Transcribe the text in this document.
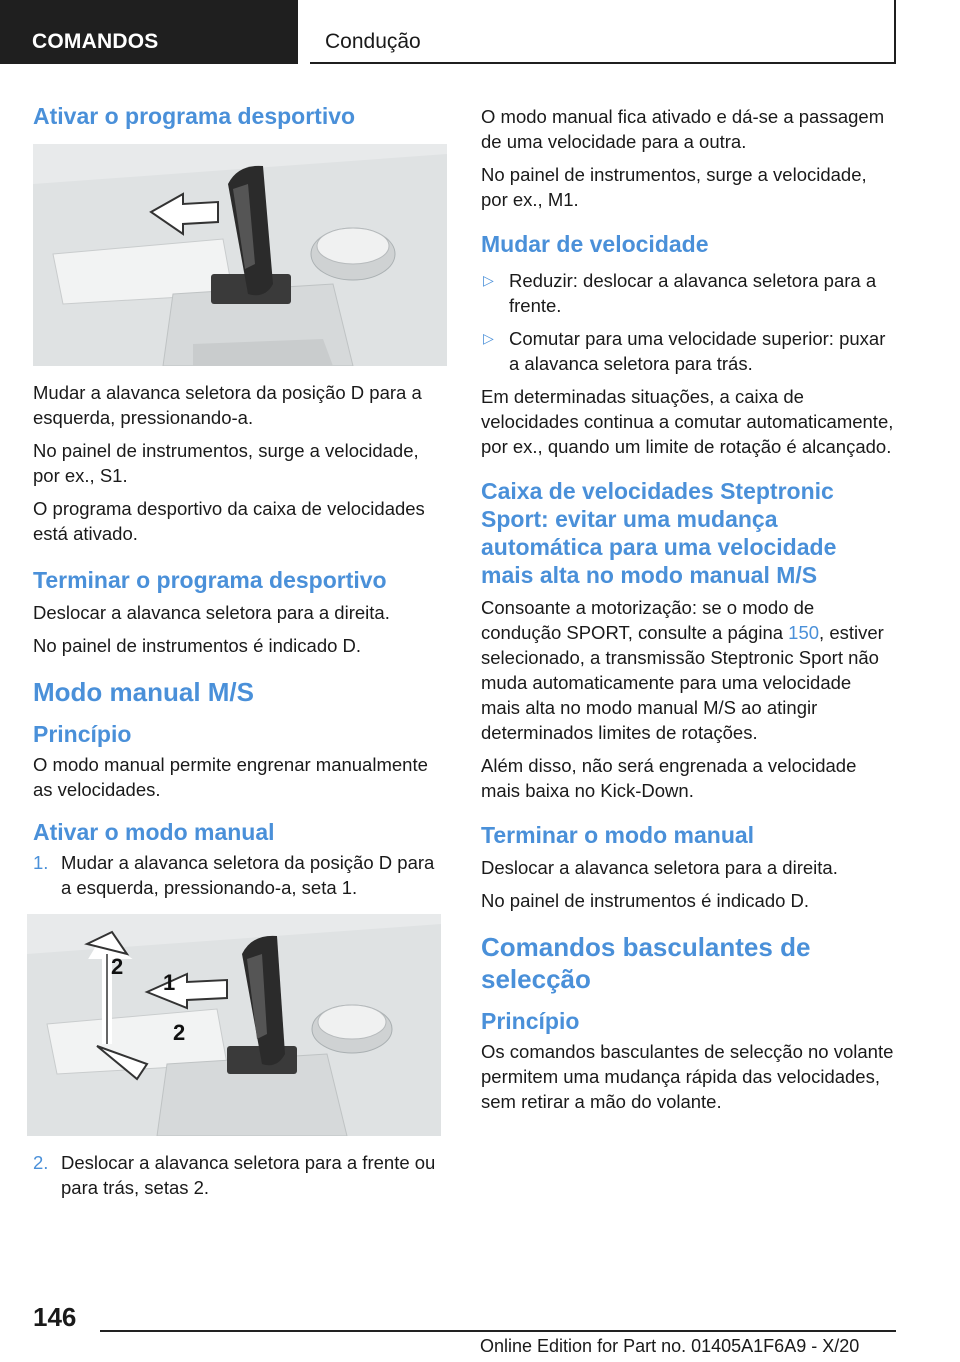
COMANDOS	Condução
Ativar o programa desportivo

Mudar a alavanca seletora da posição D para a esquerda, pressionando-a.

No painel de instrumentos, surge a velocidade, por ex., S1.

O programa desportivo da caixa de velocidades está ativado.

Terminar o programa desportivo

Deslocar a alavanca seletora para a direita.

No painel de instrumentos é indicado D.

Modo manual M/S
Princípio

O modo manual permite engrenar manualmente as velocidades.

Ativar o modo manual
1. Mudar a alavanca seletora da posição D para a esquerda, pressionando-a, seta 1.
1
2
2
2. Deslocar a alavanca seletora para a frente ou para trás, setas 2.

O modo manual fica ativado e dá-se a passagem de uma velocidade para a outra.

No painel de instrumentos, surge a velocidade, por ex., M1.

Mudar de velocidade
▷ Reduzir: deslocar a alavanca seletora para a frente.
▷ Comutar para uma velocidade superior: puxar a alavanca seletora para trás.

Em determinadas situações, a caixa de velocidades continua a comutar automaticamente, por ex., quando um limite de rotação é alcançado.

Caixa de velocidades Steptronic Sport: evitar uma mudança automática para uma velocidade mais alta no modo manual M/S

Consoante a motorização: se o modo de condução SPORT, consulte a página 150, estiver selecionado, a transmissão Steptronic Sport não muda automaticamente para uma velocidade mais alta no modo manual M/S ao atingir determinados limites de rotações.

Além disso, não será engrenada a velocidade mais baixa no Kick-Down.

Terminar o modo manual

Deslocar a alavanca seletora para a direita.

No painel de instrumentos é indicado D.

Comandos basculantes de selecção
Princípio

Os comandos basculantes de selecção no volante permitem uma mudança rápida das velocidades, sem retirar a mão do volante.

146
Online Edition for Part no. 01405A1F6A9 - X/20
